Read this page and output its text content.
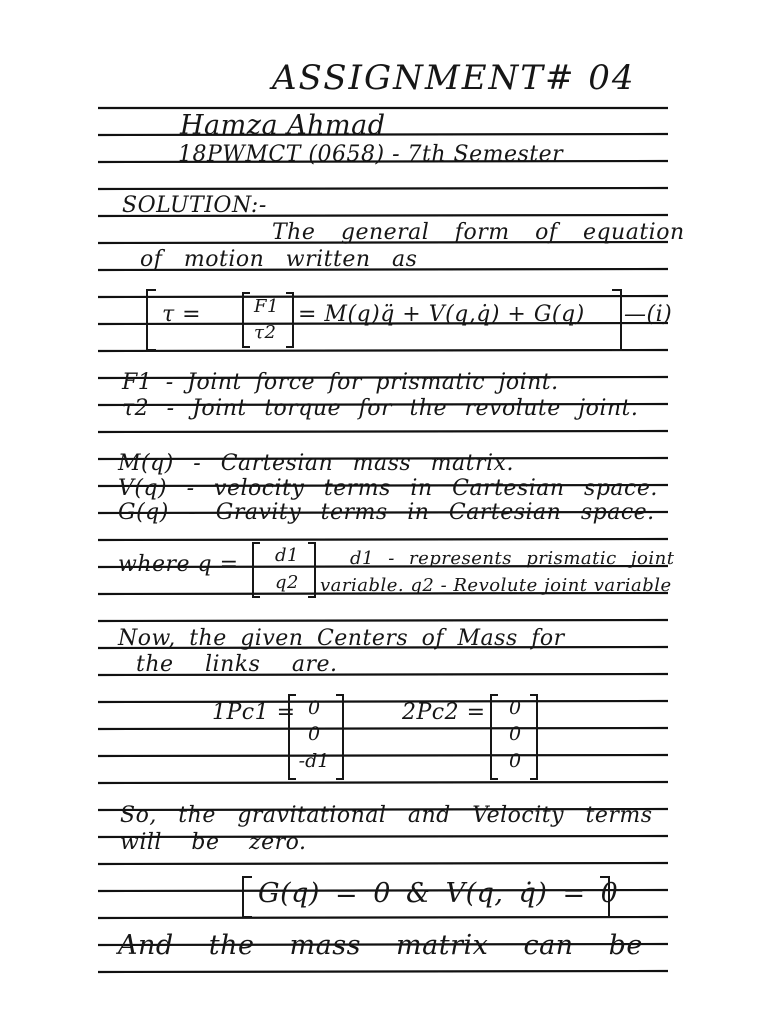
ASSIGNMENT# 04
Hamza Ahmad
18PWMCT (0658) - 7th Semester
SOLUTION:-
The general form of equation
of motion written as
τ =	F1
τ2
= M(q)q̈ + V(q,q̇) + G(q) —(i)
F1 - Joint force for prismatic joint.
τ2 - Joint torque for the revolute joint.
M(q) - Cartesian mass matrix.
V(q) - velocity terms in Cartesian space.
G(q) - Gravity terms in Cartesian space.
where q = d1
q2
d1 - represents prismatic joint
variable. q2 - Revolute joint variable
Now, the given Centers of Mass for
the links are.
1Pc1 = 0
0
-d1
2Pc2 =	0
0
0
So, the gravitational and Velocity terms
will be zero.
G(q) = 0 & V(q, q̇) = 0
And the mass matrix can be
